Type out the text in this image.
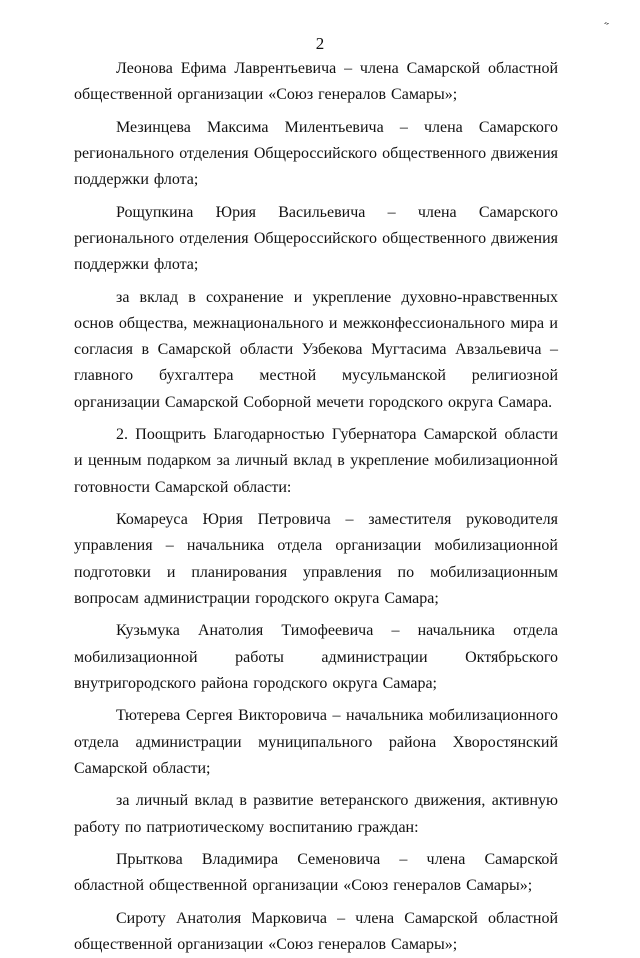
˶
2

Леонова Ефима Лаврентьевича – члена Самарской областной общественной организации «Союз генералов Самары»;

Мезинцева Максима Милентьевича – члена Самарского регионального отделения Общероссийского общественного движения поддержки флота;

Рощупкина Юрия Васильевича – члена Самарского регионального отделения Общероссийского общественного движения поддержки флота;

за вклад в сохранение и укрепление духовно-нравственных основ общества, межнационального и межконфессионального мира и согласия в Самарской области Узбекова Мугтасима Авзальевича – главного бухгалтера местной мусульманской религиозной организации Самарской Соборной мечети городского округа Самара.

2. Поощрить Благодарностью Губернатора Самарской области и ценным подарком за личный вклад в укрепление мобилизационной готовности Самарской области:

Комареуса Юрия Петровича – заместителя руководителя управления – начальника отдела организации мобилизационной подготовки и планирования управления по мобилизационным вопросам администрации городского округа Самара;

Кузьмука Анатолия Тимофеевича – начальника отдела мобилизационной работы администрации Октябрьского внутригородского района городского округа Самара;

Тютерева Сергея Викторовича – начальника мобилизационного отдела администрации муниципального района Хворостянский Самарской области;

за личный вклад в развитие ветеранского движения, активную работу по патриотическому воспитанию граждан:

Прыткова Владимира Семеновича – члена Самарской областной общественной организации «Союз генералов Самары»;

Сироту Анатолия Марковича – члена Самарской областной общественной организации «Союз генералов Самары»;
